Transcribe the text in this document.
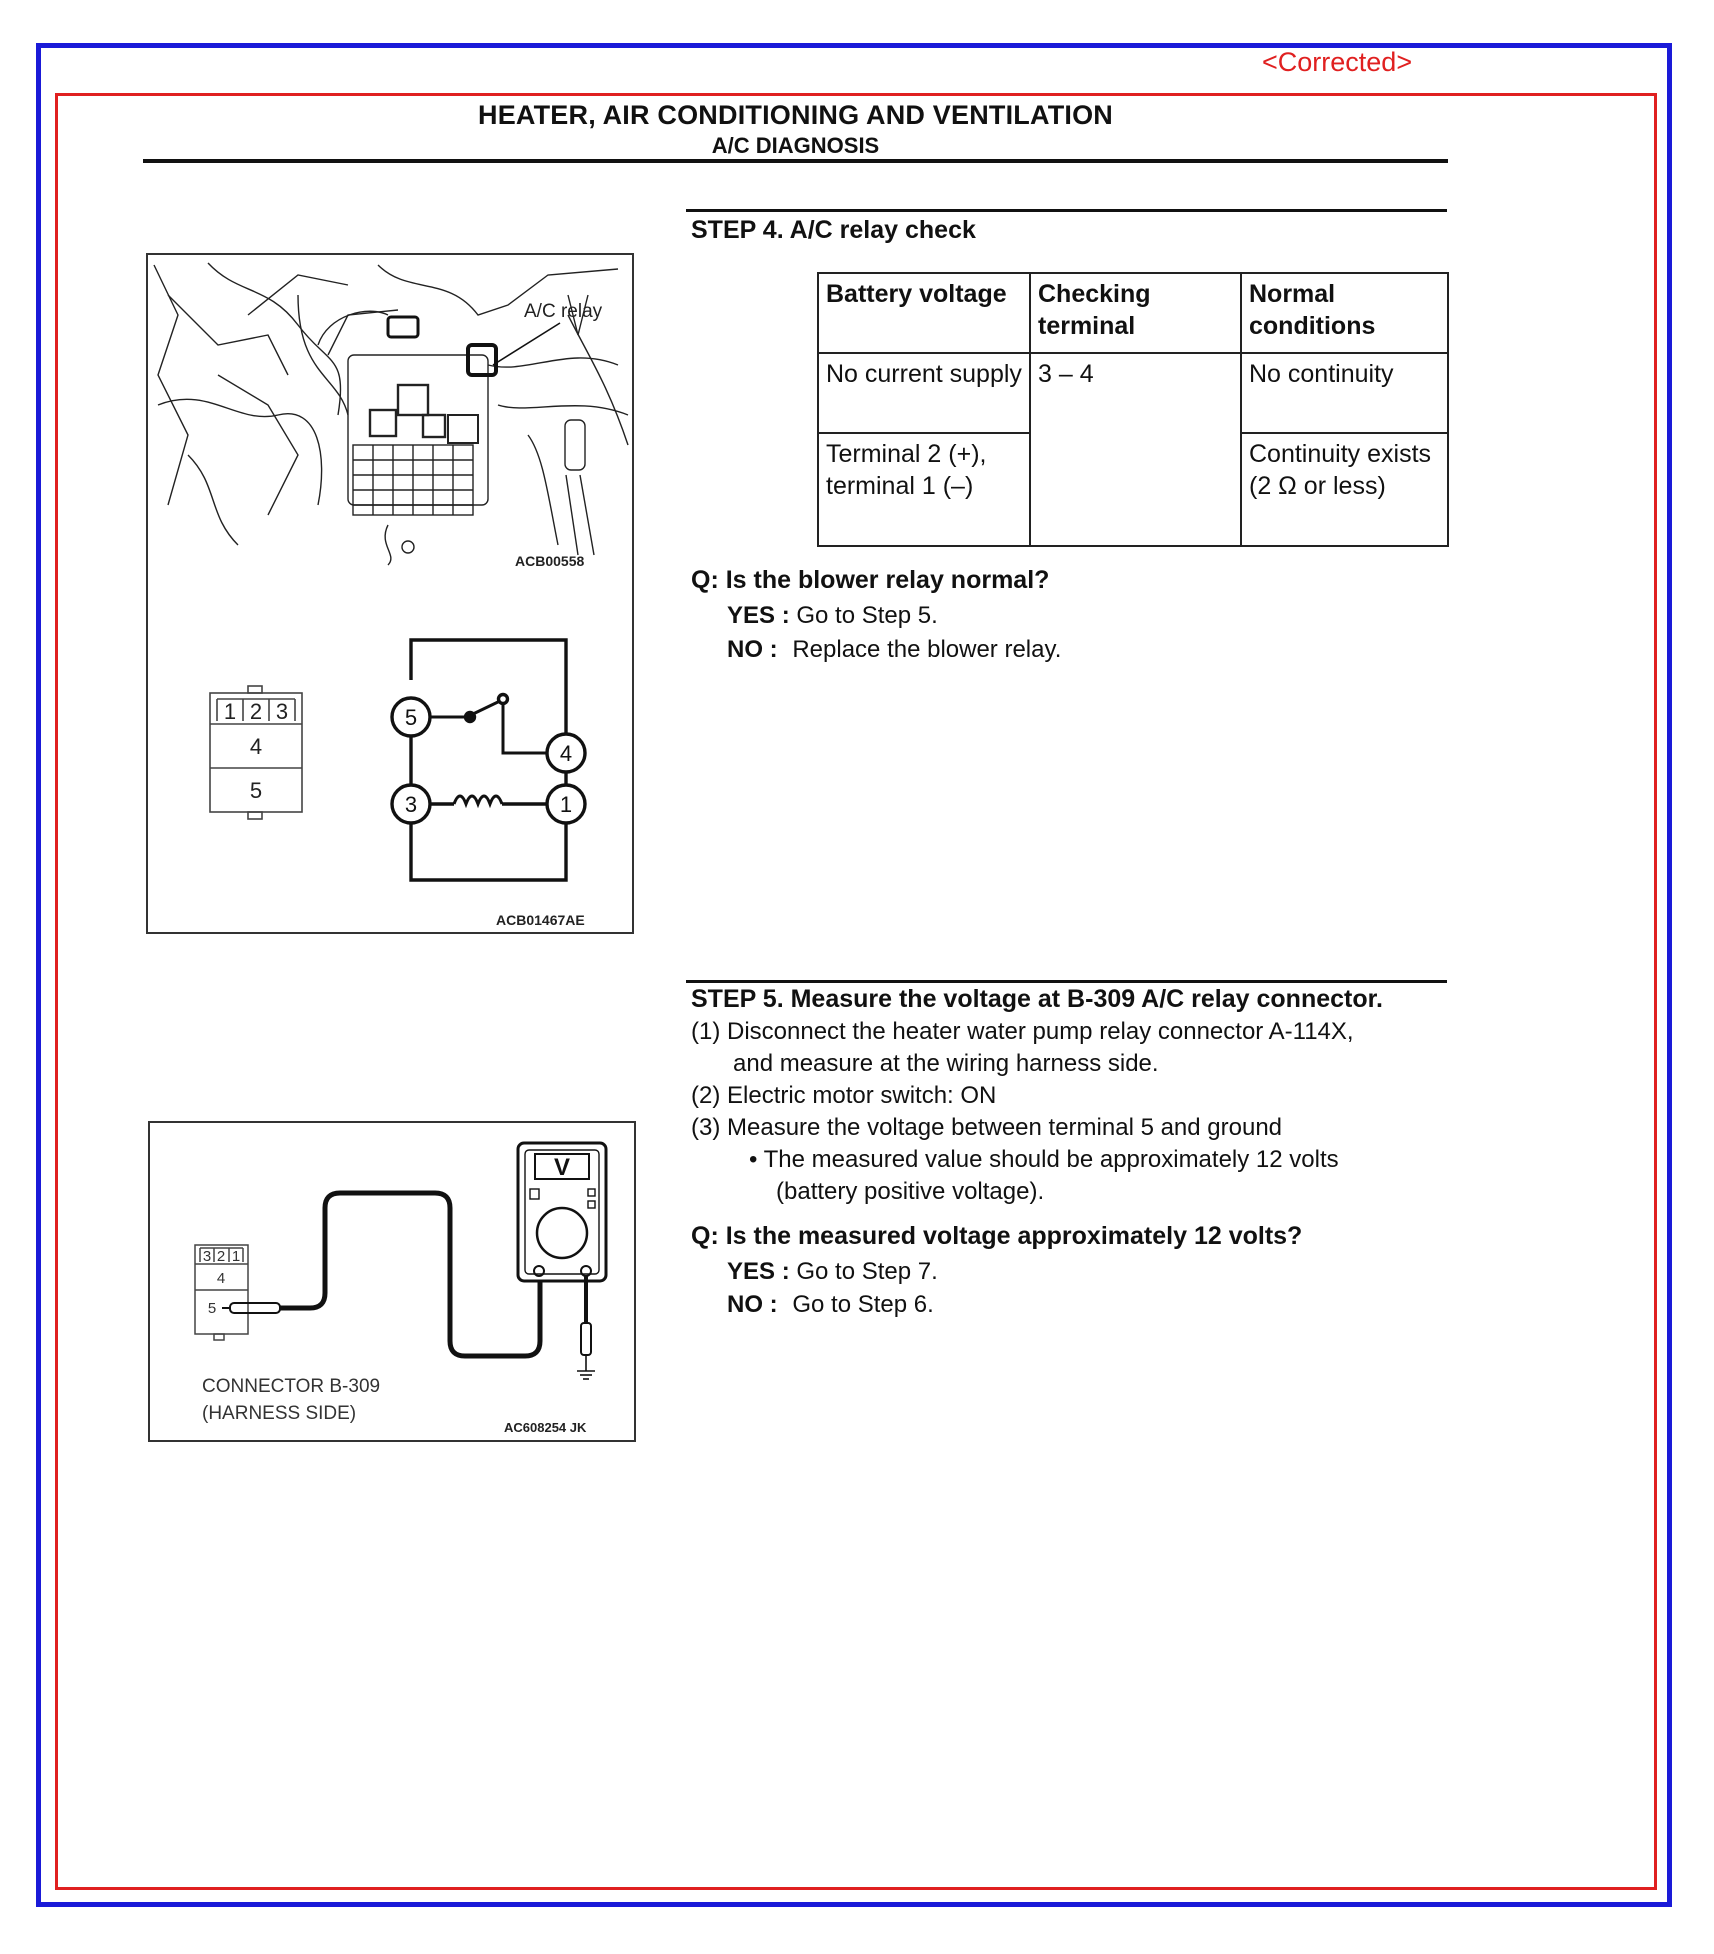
<Corrected>
HEATER, AIR CONDITIONING AND VENTILATION
A/C DIAGNOSIS
A/C relay
ACB00558
ACB01467AE
1 2 3
4
5
5
4
3	1
STEP 4. A/C relay check
Battery voltage	Checking terminal	Normal conditions
No current supply	3 – 4	No continuity
Terminal 2 (+), terminal 1 (–)		Continuity exists (2 Ω or less)
Q: Is the blower relay normal?
YES : Go to Step 5.
NO : Replace the blower relay.
V
3 2 1
4
5
CONNECTOR B-309
(HARNESS SIDE)
AC608254 JK
STEP 5. Measure the voltage at B-309 A/C relay connector.
(1) Disconnect the heater water pump relay connector A-114X,
and measure at the wiring harness side.
(2) Electric motor switch: ON
(3) Measure the voltage between terminal 5 and ground
• The measured value should be approximately 12 volts
(battery positive voltage).
Q: Is the measured voltage approximately 12 volts?
YES : Go to Step 7.
NO : Go to Step 6.
